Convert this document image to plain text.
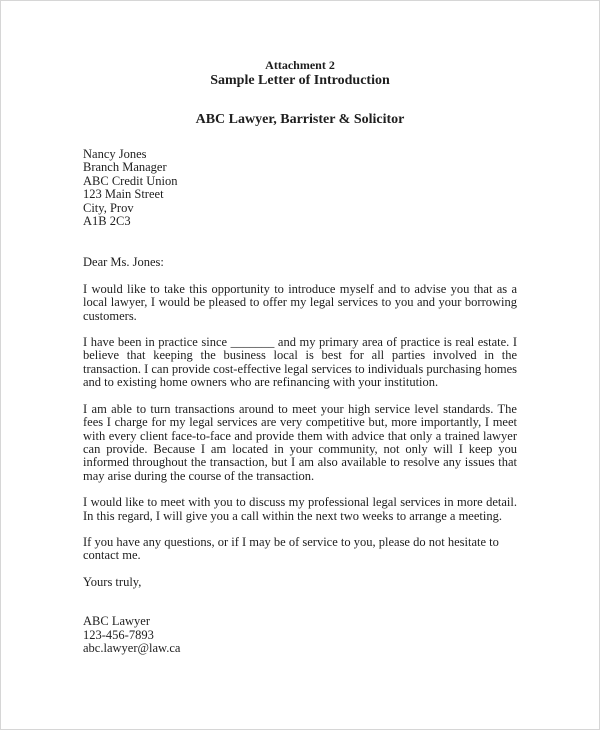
Attachment 2
Sample Letter of Introduction
ABC Lawyer, Barrister & Solicitor
Nancy Jones
Branch Manager
ABC Credit Union
123 Main Street
City, Prov
A1B 2C3

Dear Ms. Jones:

I would like to take this opportunity to introduce myself and to advise you that as a local lawyer, I would be pleased to offer my legal services to you and your borrowing customers.

I have been in practice since _______ and my primary area of practice is real estate. I believe that keeping the business local is best for all parties involved in the transaction. I can provide cost-effective legal services to individuals purchasing homes and to existing home owners who are refinancing with your institution.

I am able to turn transactions around to meet your high service level standards. The fees I charge for my legal services are very competitive but, more importantly, I meet with every client face-to-face and provide them with advice that only a trained lawyer can provide. Because I am located in your community, not only will I keep you informed throughout the transaction, but I am also available to resolve any issues that may arise during the course of the transaction.

I would like to meet with you to discuss my professional legal services in more detail. In this regard, I will give you a call within the next two weeks to arrange a meeting.

If you have any questions, or if I may be of service to you, please do not hesitate to contact me.

Yours truly,

ABC Lawyer
123-456-7893
abc.lawyer@law.ca
